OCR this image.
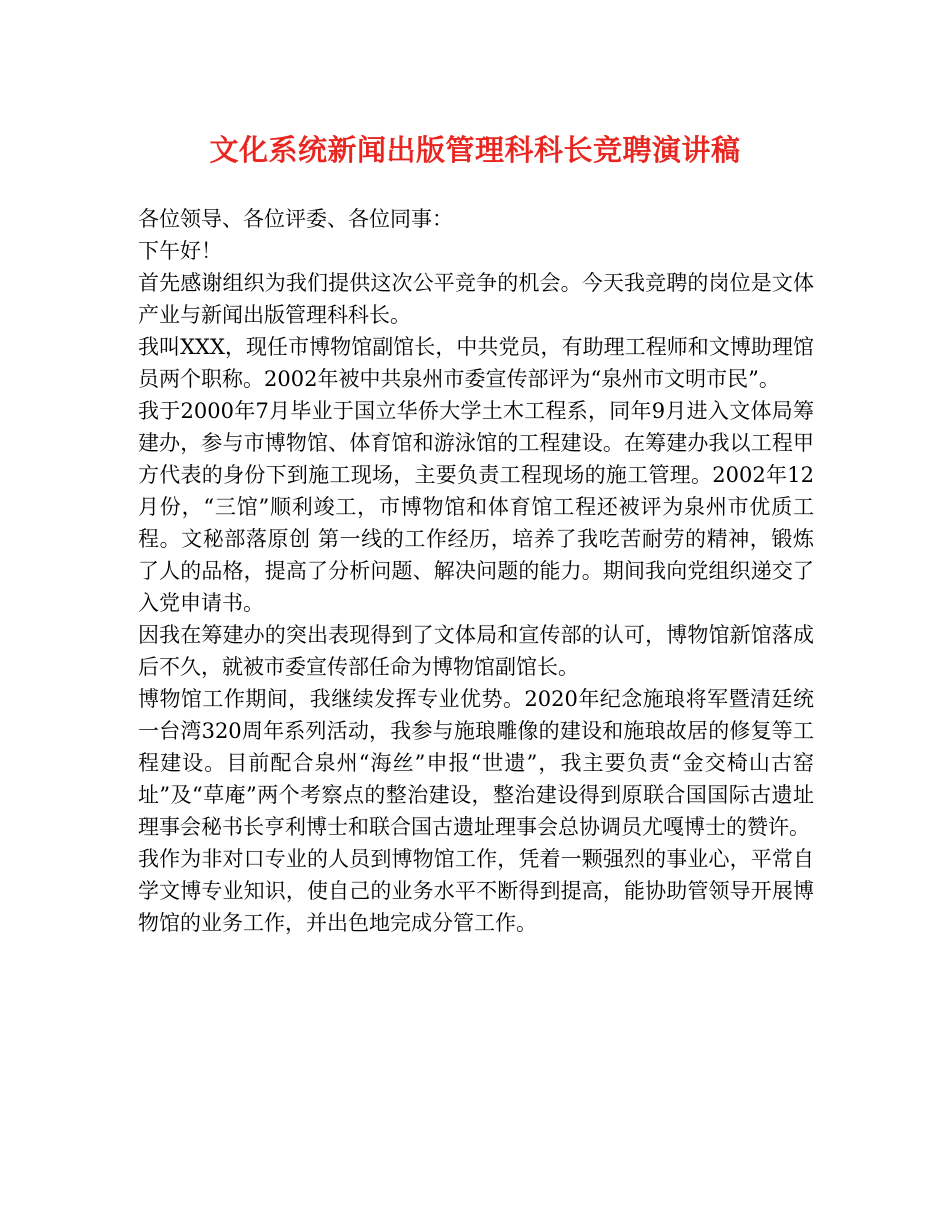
文化系统新闻出版管理科科长竞聘演讲稿

各位领导、各位评委、各位同事：

下午好！

首先感谢组织为我们提供这次公平竞争的机会。今天我竞聘的岗位是文体产业与新闻出版管理科科长。

我叫XXX，现任市博物馆副馆长，中共党员，有助理工程师和文博助理馆员两个职称。2002年被中共泉州市委宣传部评为“泉州市文明市民”。

我于2000年7月毕业于国立华侨大学土木工程系，同年9月进入文体局筹建办，参与市博物馆、体育馆和游泳馆的工程建设。在筹建办我以工程甲方代表的身份下到施工现场，主要负责工程现场的施工管理。2002年12月份，“三馆”顺利竣工，市博物馆和体育馆工程还被评为泉州市优质工程。文秘部落原创 第一线的工作经历，培养了我吃苦耐劳的精神，锻炼了人的品格，提高了分析问题、解决问题的能力。期间我向党组织递交了入党申请书。

因我在筹建办的突出表现得到了文体局和宣传部的认可，博物馆新馆落成后不久，就被市委宣传部任命为博物馆副馆长。

博物馆工作期间，我继续发挥专业优势。2020年纪念施琅将军暨清廷统一台湾320周年系列活动，我参与施琅雕像的建设和施琅故居的修复等工程建设。目前配合泉州“海丝”申报“世遗”，我主要负责“金交椅山古窑址”及“草庵”两个考察点的整治建设，整治建设得到原联合国国际古遗址理事会秘书长亨利博士和联合国古遗址理事会总协调员尤嘎博士的赞许。

我作为非对口专业的人员到博物馆工作，凭着一颗强烈的事业心，平常自学文博专业知识，使自己的业务水平不断得到提高，能协助管领导开展博物馆的业务工作，并出色地完成分管工作。
